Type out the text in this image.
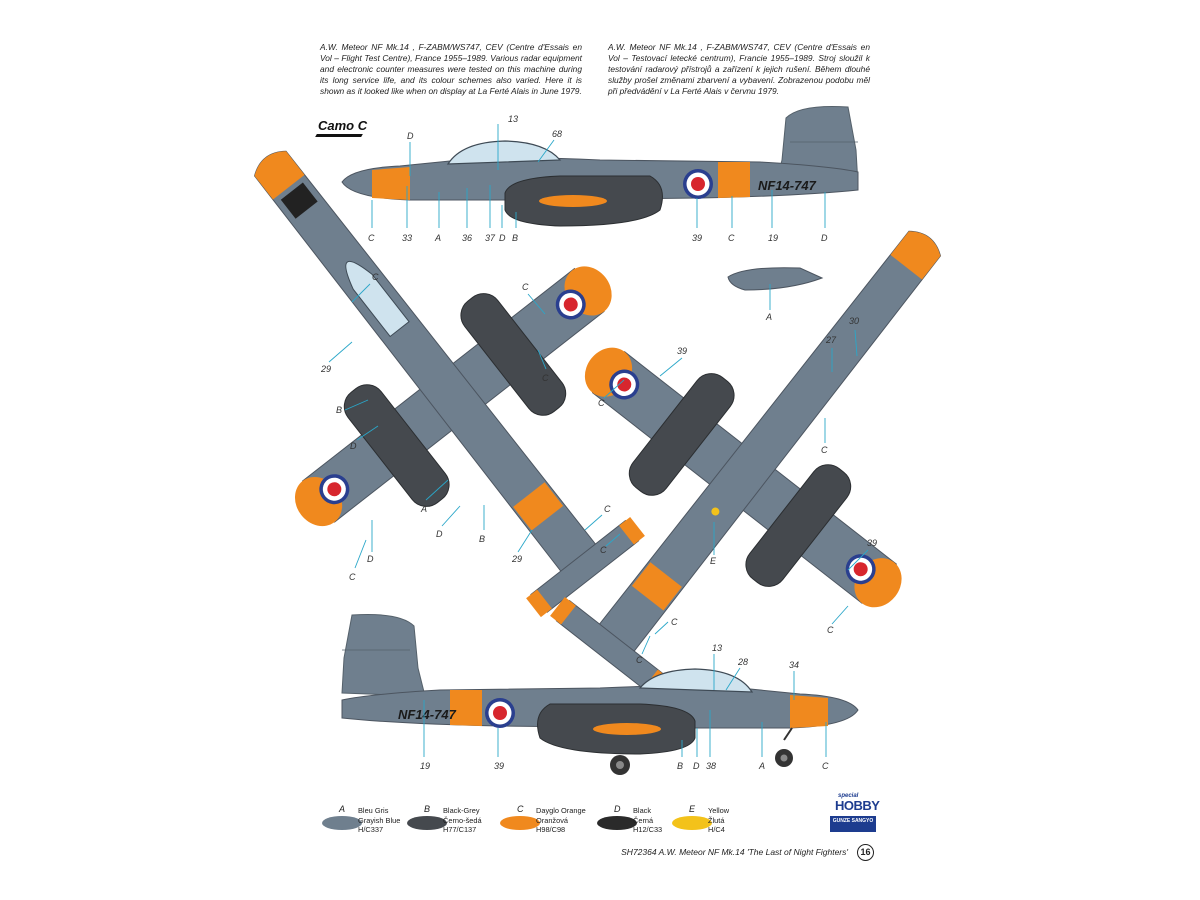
A.W. Meteor NF Mk.14 , F-ZABM/WS747, CEV (Centre d'Essais en Vol – Flight Test Centre), France 1955–1989. Various radar equipment and electronic counter measures were tested on this machine during its long service life, and its colour schemes also varied. Here it is shown as it looked like when on display at La Ferté Alais in June 1979.
A.W. Meteor NF Mk.14 , F-ZABM/WS747, CEV (Centre d'Essais en Vol – Testovací letecké centrum), Francie 1955–1989. Stroj sloužil k testování radarový přístrojů a zařízení k jejich rušení. Během dlouhé služby prošel změnami zbarvení a vybavení. Zobrazenou podobu měl při předvádění v La Ferté Alais v červnu 1979.
Camo C
NF14-747
13
68
D
C	33	A 36 37 D B	39	C	19	D
A
C
C
C
29
B
D
A
D	B
C
D
C
29
30
27
39
C
C
C
E
C
C
39
C
NF14-747
13
28	34
19	39	B D 38	A	C
A Bleu Gris
Grayish Blue
H/C337
B Black-Grey
Černo-šedá
H77/C137
C Dayglo Orange
Oranžová
H98/C98
D Black
Černá
H12/C33
E Yellow
Žlutá
H/C4
special
HOBBY
GUNZE SANGYO
SH72364 A.W. Meteor NF Mk.14 'The Last of Night Fighters'	16
